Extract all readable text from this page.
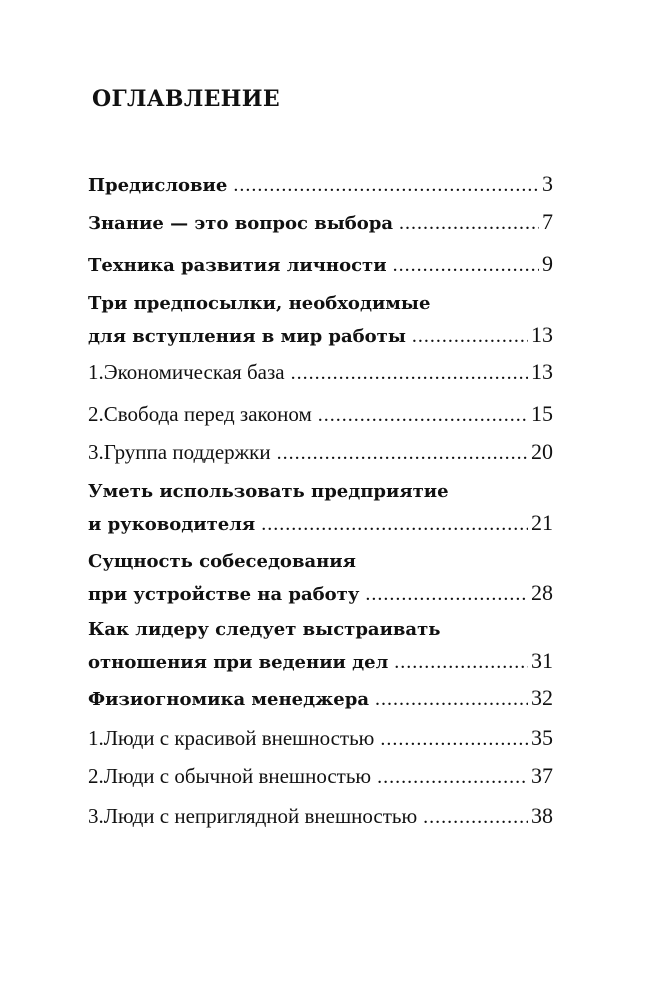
ОГЛАВЛЕНИЕ
Предисловие .....	3
Знание — это вопрос выбора .....	7
Техника развития личности .....	9
Три предпосылки, необходимые
для вступления в мир работы .....	13
1.Экономическая база .....	13
2.Свобода перед законом .....	15
3.Группа поддержки .....	20
Уметь использовать предприятие
и руководителя .....	21
Сущность собеседования
при устройстве на работу .....	28
Как лидеру следует выстраивать
отношения при ведении дел .....	31
Физиогномика менеджера .....	32
1.Люди с красивой внешностью .....	35
2.Люди с обычной внешностью .....	37
3.Люди с неприглядной внешностью .....	38
